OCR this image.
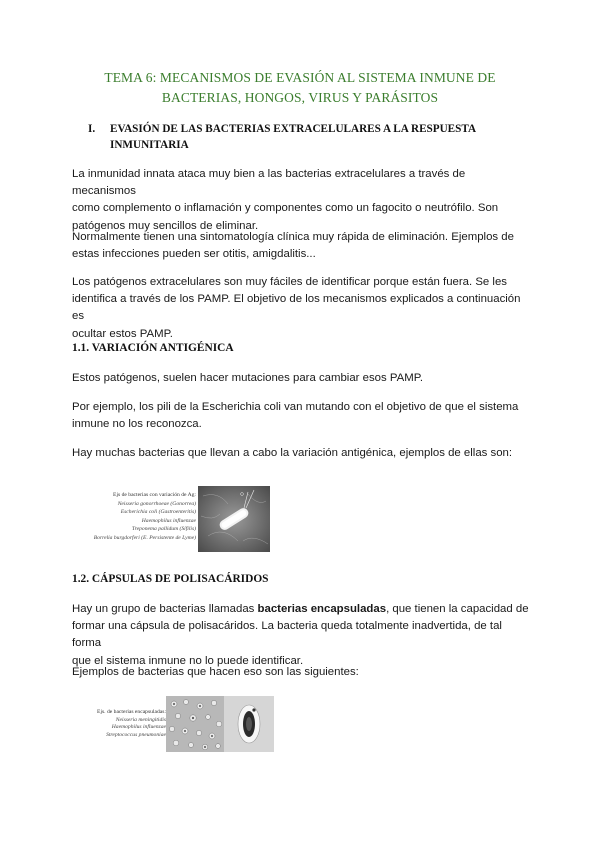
TEMA 6: MECANISMOS DE EVASIÓN AL SISTEMA INMUNE DE
BACTERIAS, HONGOS, VIRUS Y PARÁSITOS
I. EVASIÓN DE LAS BACTERIAS EXTRACELULARES A LA RESPUESTA
INMUNITARIA
La inmunidad innata ataca muy bien a las bacterias extracelulares a través de mecanismos
como complemento o inflamación y componentes como un fagocito o neutrófilo. Son
patógenos muy sencillos de eliminar.
Normalmente tienen una sintomatología clínica muy rápida de eliminación. Ejemplos de
estas infecciones pueden ser otitis, amigdalitis...
Los patógenos extracelulares son muy fáciles de identificar porque están fuera. Se les
identifica a través de los PAMP. El objetivo de los mecanismos explicados a continuación es
ocultar estos PAMP.
1.1. VARIACIÓN ANTIGÉNICA
Estos patógenos, suelen hacer mutaciones para cambiar esos PAMP.
Por ejemplo, los pili de la Escherichia coli van mutando con el objetivo de que el sistema
inmune no los reconozca.
Hay muchas bacterias que llevan a cabo la variación antigénica, ejemplos de ellas son:
Ejs de bacterias con variación de Ag:
Neisseria gonorrhoeae (Gonorrea)
Escherichia coli (Gastroenteritis)
Haemophilus influenzae
Treponema pallidum (Sífilis)
Borrelia burgdorferi (E. Persistente de Lyme)
1.2. CÁPSULAS DE POLISACÁRIDOS
Hay un grupo de bacterias llamadas bacterias encapsuladas, que tienen la capacidad de
formar una cápsula de polisacáridos. La bacteria queda totalmente inadvertida, de tal forma
que el sistema inmune no lo puede identificar.
Ejemplos de bacterias que hacen eso son las siguientes:
Ejs. de bacterias encapsuladas:
Neisseria meningitidis
Haemophilus influenzae
Streptococcus pneumoniae
